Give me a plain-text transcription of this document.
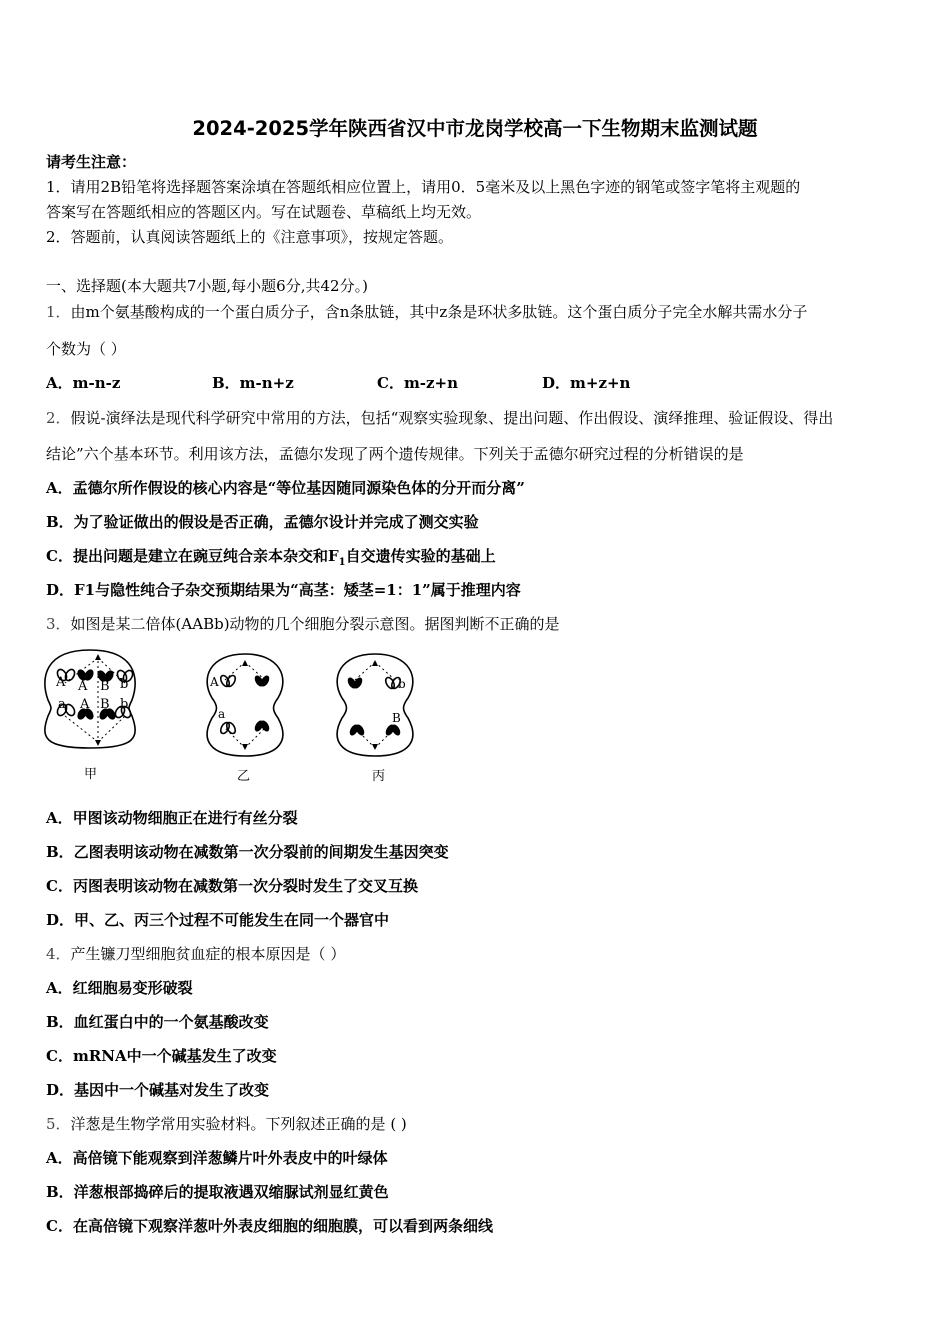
2024-2025学年陕西省汉中市龙岗学校高一下生物期末监测试题
请考生注意：
1．请用2B铅笔将选择题答案涂填在答题纸相应位置上，请用0．5毫米及以上黑色字迹的钢笔或签字笔将主观题的
答案写在答题纸相应的答题区内。写在试题卷、草稿纸上均无效。
2．答题前，认真阅读答题纸上的《注意事项》，按规定答题。
一、选择题(本大题共7小题,每小题6分,共42分。)
1．由m个氨基酸构成的一个蛋白质分子，含n条肽链，其中z条是环状多肽链。这个蛋白质分子完全水解共需水分子
个数为（ ）
A．m-n-z	B．m-n+z	C．m-z+n	D．m+z+n
2．假说-演绎法是现代科学研究中常用的方法，包括“观察实验现象、提出问题、作出假设、演绎推理、验证假设、得出
结论”六个基本环节。利用该方法，孟德尔发现了两个遗传规律。下列关于孟德尔研究过程的分析错误的是
A．孟德尔所作假设的核心内容是“等位基因随同源染色体的分开而分离”
B．为了验证做出的假设是否正确，孟德尔设计并完成了测交实验
C．提出问题是建立在豌豆纯合亲本杂交和$F_1$自交遗传实验的基础上
D．F1与隐性纯合子杂交预期结果为“高茎：矮茎=1：1”属于推理内容
3．如图是某二倍体(AABb)动物的几个细胞分裂示意图。据图判断不正确的是
A A B b
a A B b
甲
A
a
乙
b
B
丙
A．甲图该动物细胞正在进行有丝分裂
B．乙图表明该动物在减数第一次分裂前的间期发生基因突变
C．丙图表明该动物在减数第一次分裂时发生了交叉互换
D．甲、乙、丙三个过程不可能发生在同一个器官中
4．产生镰刀型细胞贫血症的根本原因是（ ）
A．红细胞易变形破裂
B．血红蛋白中的一个氨基酸改变
C．mRNA中一个碱基发生了改变
D．基因中一个碱基对发生了改变
5．洋葱是生物学常用实验材料。下列叙述正确的是 ( )
A．高倍镜下能观察到洋葱鳞片叶外表皮中的叶绿体
B．洋葱根部捣碎后的提取液遇双缩脲试剂显红黄色
C．在高倍镜下观察洋葱叶外表皮细胞的细胞膜，可以看到两条细线
